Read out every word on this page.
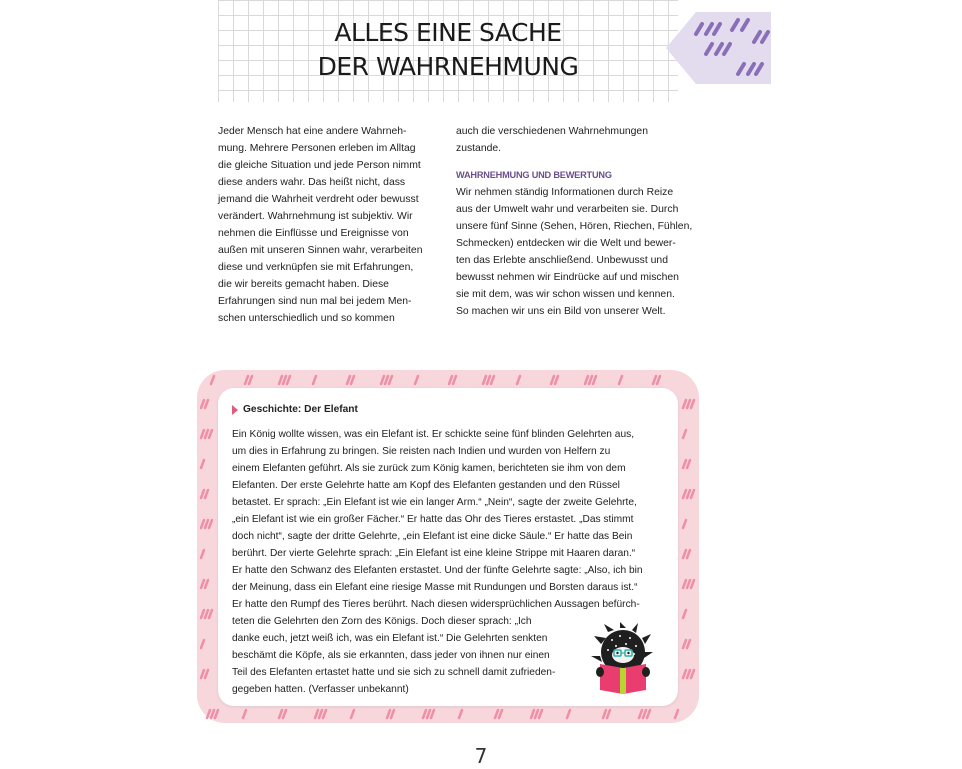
ALLES EINE SACHE
DER WAHRNEHMUNG
Jeder Mensch hat eine andere Wahrneh-
mung. Mehrere Personen erleben im Alltag
die gleiche Situation und jede Person nimmt
diese anders wahr. Das heißt nicht, dass
jemand die Wahrheit verdreht oder bewusst
verändert. Wahrnehmung ist subjektiv. Wir
nehmen die Einflüsse und Ereignisse von
außen mit unseren Sinnen wahr, verarbeiten
diese und verknüpfen sie mit Erfahrungen,
die wir bereits gemacht haben. Diese
Erfahrungen sind nun mal bei jedem Men-
schen unterschiedlich und so kommen
auch die verschiedenen Wahrnehmungen
zustande.
WAHRNEHMUNG UND BEWERTUNG
Wir nehmen ständig Informationen durch Reize
aus der Umwelt wahr und verarbeiten sie. Durch
unsere fünf Sinne (Sehen, Hören, Riechen, Fühlen,
Schmecken) entdecken wir die Welt und bewer-
ten das Erlebte anschließend. Unbewusst und
bewusst nehmen wir Eindrücke auf und mischen
sie mit dem, was wir schon wissen und kennen.
So machen wir uns ein Bild von unserer Welt.
Geschichte: Der Elefant
Ein König wollte wissen, was ein Elefant ist. Er schickte seine fünf blinden Gelehrten aus,
um dies in Erfahrung zu bringen. Sie reisten nach Indien und wurden von Helfern zu
einem Elefanten geführt. Als sie zurück zum König kamen, berichteten sie ihm von dem
Elefanten. Der erste Gelehrte hatte am Kopf des Elefanten gestanden und den Rüssel
betastet. Er sprach: „Ein Elefant ist wie ein langer Arm.“ „Nein“, sagte der zweite Gelehrte,
„ein Elefant ist wie ein großer Fächer.“ Er hatte das Ohr des Tieres erstastet. „Das stimmt
doch nicht“, sagte der dritte Gelehrte, „ein Elefant ist eine dicke Säule.“ Er hatte das Bein
berührt. Der vierte Gelehrte sprach: „Ein Elefant ist eine kleine Strippe mit Haaren daran.“
Er hatte den Schwanz des Elefanten erstastet. Und der fünfte Gelehrte sagte: „Also, ich bin
der Meinung, dass ein Elefant eine riesige Masse mit Rundungen und Borsten daraus ist.“
Er hatte den Rumpf des Tieres berührt. Nach diesen widersprüchlichen Aussagen befürch-
teten die Gelehrten den Zorn des Königs. Doch dieser sprach: „Ich
danke euch, jetzt weiß ich, was ein Elefant ist.“ Die Gelehrten senkten
beschämt die Köpfe, als sie erkannten, dass jeder von ihnen nur einen
Teil des Elefanten ertastet hatte und sie sich zu schnell damit zufrieden-
gegeben hatten. (Verfasser unbekannt)
7
